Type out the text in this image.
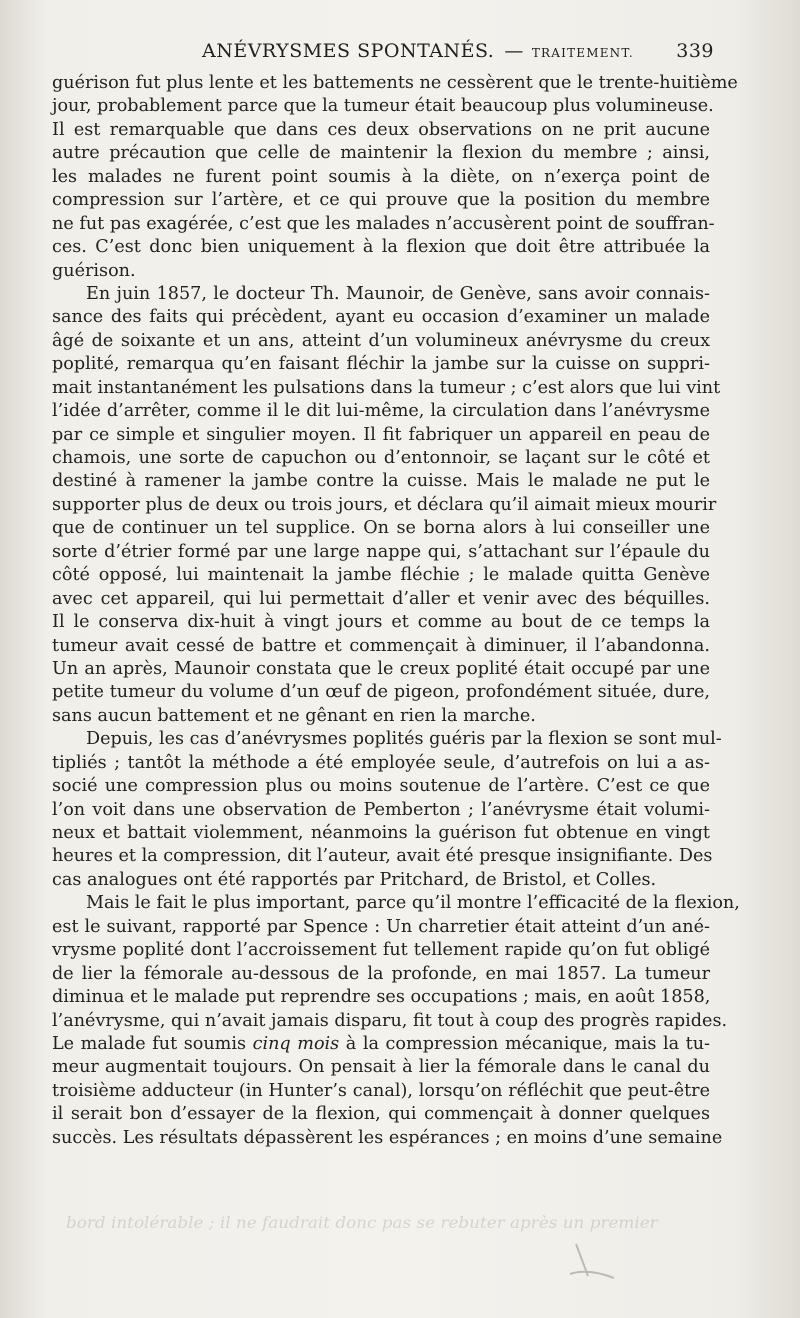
ANÉVRYSMES SPONTANÉS. — TRAITEMENT. 339
guérison fut plus lente et les battements ne cessèrent que le trente-huitième
jour, probablement parce que la tumeur était beaucoup plus volumineuse.
Il est remarquable que dans ces deux observations on ne prit aucune
autre précaution que celle de maintenir la flexion du membre ; ainsi,
les malades ne furent point soumis à la diète, on n’exerça point de
compression sur l’artère, et ce qui prouve que la position du membre
ne fut pas exagérée, c’est que les malades n’accusèrent point de souffran-
ces. C’est donc bien uniquement à la flexion que doit être attribuée la
guérison.
En juin 1857, le docteur Th. Maunoir, de Genève, sans avoir connais-
sance des faits qui précèdent, ayant eu occasion d’examiner un malade
âgé de soixante et un ans, atteint d’un volumineux anévrysme du creux
poplité, remarqua qu’en faisant fléchir la jambe sur la cuisse on suppri-
mait instantanément les pulsations dans la tumeur ; c’est alors que lui vint
l’idée d’arrêter, comme il le dit lui-même, la circulation dans l’anévrysme
par ce simple et singulier moyen. Il fit fabriquer un appareil en peau de
chamois, une sorte de capuchon ou d’entonnoir, se laçant sur le côté et
destiné à ramener la jambe contre la cuisse. Mais le malade ne put le
supporter plus de deux ou trois jours, et déclara qu’il aimait mieux mourir
que de continuer un tel supplice. On se borna alors à lui conseiller une
sorte d’étrier formé par une large nappe qui, s’attachant sur l’épaule du
côté opposé, lui maintenait la jambe fléchie ; le malade quitta Genève
avec cet appareil, qui lui permettait d’aller et venir avec des béquilles.
Il le conserva dix-huit à vingt jours et comme au bout de ce temps la
tumeur avait cessé de battre et commençait à diminuer, il l’abandonna.
Un an après, Maunoir constata que le creux poplité était occupé par une
petite tumeur du volume d’un œuf de pigeon, profondément située, dure,
sans aucun battement et ne gênant en rien la marche.
Depuis, les cas d’anévrysmes poplités guéris par la flexion se sont mul-
tipliés ; tantôt la méthode a été employée seule, d’autrefois on lui a as-
socié une compression plus ou moins soutenue de l’artère. C’est ce que
l’on voit dans une observation de Pemberton ; l’anévrysme était volumi-
neux et battait violemment, néanmoins la guérison fut obtenue en vingt
heures et la compression, dit l’auteur, avait été presque insignifiante. Des
cas analogues ont été rapportés par Pritchard, de Bristol, et Colles.
Mais le fait le plus important, parce qu’il montre l’efficacité de la flexion,
est le suivant, rapporté par Spence : Un charretier était atteint d’un ané-
vrysme poplité dont l’accroissement fut tellement rapide qu’on fut obligé
de lier la fémorale au-dessous de la profonde, en mai 1857. La tumeur
diminua et le malade put reprendre ses occupations ; mais, en août 1858,
l’anévrysme, qui n’avait jamais disparu, fit tout à coup des progrès rapides.
Le malade fut soumis cinq mois à la compression mécanique, mais la tu-
meur augmentait toujours. On pensait à lier la fémorale dans le canal du
troisième adducteur (in Hunter’s canal), lorsqu’on réfléchit que peut-être
il serait bon d’essayer de la flexion, qui commençait à donner quelques
succès. Les résultats dépassèrent les espérances ; en moins d’une semaine
bord intolérable ; il ne faudrait donc pas se rebuter après un premier
